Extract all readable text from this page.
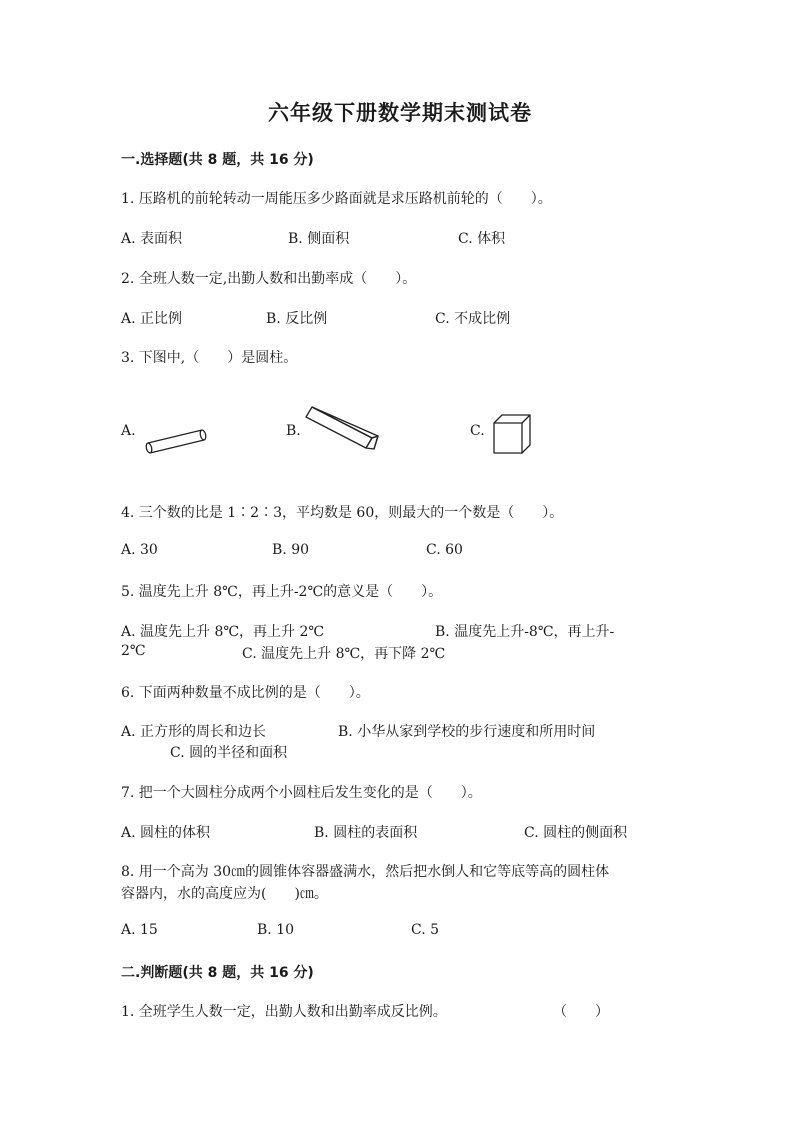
六年级下册数学期末测试卷
一.选择题(共 8 题，共 16 分)
1. 压路机的前轮转动一周能压多少路面就是求压路机前轮的（　　）。
A. 表面积	B. 侧面积	C. 体积
2. 全班人数一定,出勤人数和出勤率成（　　）。
A. 正比例	B. 反比例	C. 不成比例
3. 下图中,（　　）是圆柱。
A.	B.	C.
4. 三个数的比是 1∶2∶3，平均数是 60，则最大的一个数是（　　）。
A. 30	B. 90	C. 60
5. 温度先上升 8℃，再上升-2℃的意义是（　　）。
A. 温度先上升 8℃，再上升 2℃	B. 温度先上升-8℃，再上升-
2℃	C. 温度先上升 8℃，再下降 2℃
6. 下面两种数量不成比例的是（　　）。
A. 正方形的周长和边长	B. 小华从家到学校的步行速度和所用时间
C. 圆的半径和面积
7. 把一个大圆柱分成两个小圆柱后发生变化的是（　　）。
A. 圆柱的体积	B. 圆柱的表面积	C. 圆柱的侧面积
8. 用一个高为 30㎝的圆锥体容器盛满水，然后把水倒人和它等底等高的圆柱体
容器内，水的高度应为(　　)㎝。
A. 15	B. 10	C. 5
二.判断题(共 8 题，共 16 分)
1. 全班学生人数一定，出勤人数和出勤率成反比例。	（　　）
